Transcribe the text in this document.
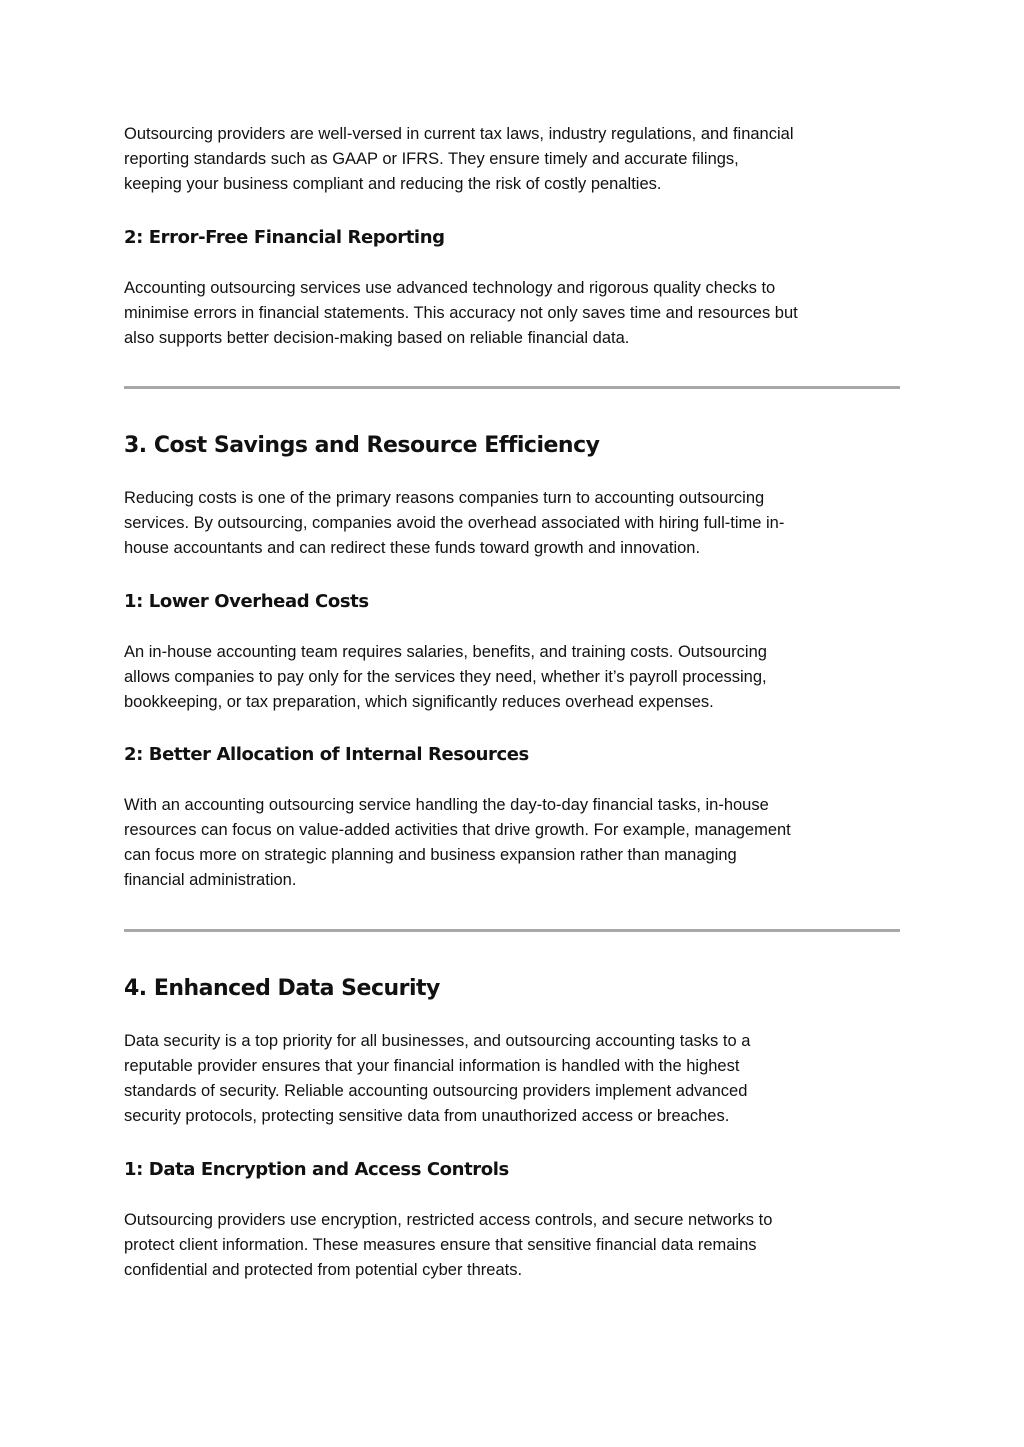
Outsourcing providers are well-versed in current tax laws, industry regulations, and financial
reporting standards such as GAAP or IFRS. They ensure timely and accurate filings,
keeping your business compliant and reducing the risk of costly penalties.

2: Error-Free Financial Reporting

Accounting outsourcing services use advanced technology and rigorous quality checks to
minimise errors in financial statements. This accuracy not only saves time and resources but
also supports better decision-making based on reliable financial data.

3. Cost Savings and Resource Efficiency

Reducing costs is one of the primary reasons companies turn to accounting outsourcing
services. By outsourcing, companies avoid the overhead associated with hiring full-time in-
house accountants and can redirect these funds toward growth and innovation.

1: Lower Overhead Costs

An in-house accounting team requires salaries, benefits, and training costs. Outsourcing
allows companies to pay only for the services they need, whether it’s payroll processing,
bookkeeping, or tax preparation, which significantly reduces overhead expenses.

2: Better Allocation of Internal Resources

With an accounting outsourcing service handling the day-to-day financial tasks, in-house
resources can focus on value-added activities that drive growth. For example, management
can focus more on strategic planning and business expansion rather than managing
financial administration.

4. Enhanced Data Security

Data security is a top priority for all businesses, and outsourcing accounting tasks to a
reputable provider ensures that your financial information is handled with the highest
standards of security. Reliable accounting outsourcing providers implement advanced
security protocols, protecting sensitive data from unauthorized access or breaches.

1: Data Encryption and Access Controls

Outsourcing providers use encryption, restricted access controls, and secure networks to
protect client information. These measures ensure that sensitive financial data remains
confidential and protected from potential cyber threats.
